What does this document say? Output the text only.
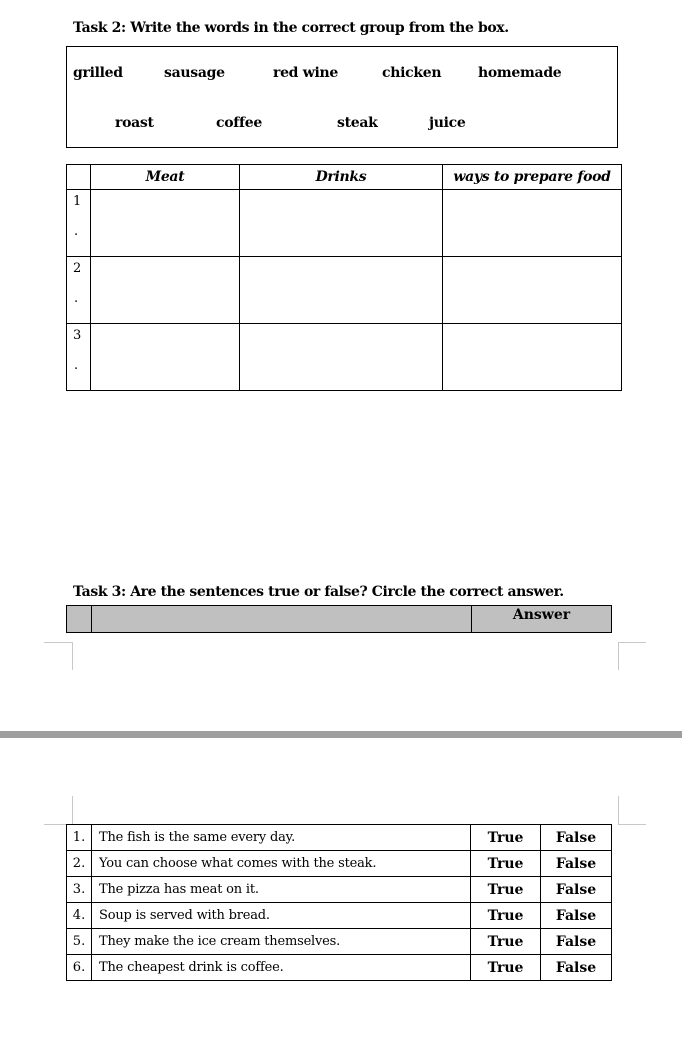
Task 2: Write the words in the correct group from the box.
grilled	sausage	red wine	chicken	homemade
roast	coffee	steak	juice
	Meat	Drinks	ways to prepare food

1
.			

2
.			

3
.			

Task 3: Are the sentences true or false? Circle the correct answer.
		Answer
1.	The fish is the same every day.	True	False
2.	You can choose what comes with the steak.	True	False
3.	The pizza has meat on it.	True	False
4.	Soup is served with bread.	True	False
5.	They make the ice cream themselves.	True	False
6.	The cheapest drink is coffee.	True	False
